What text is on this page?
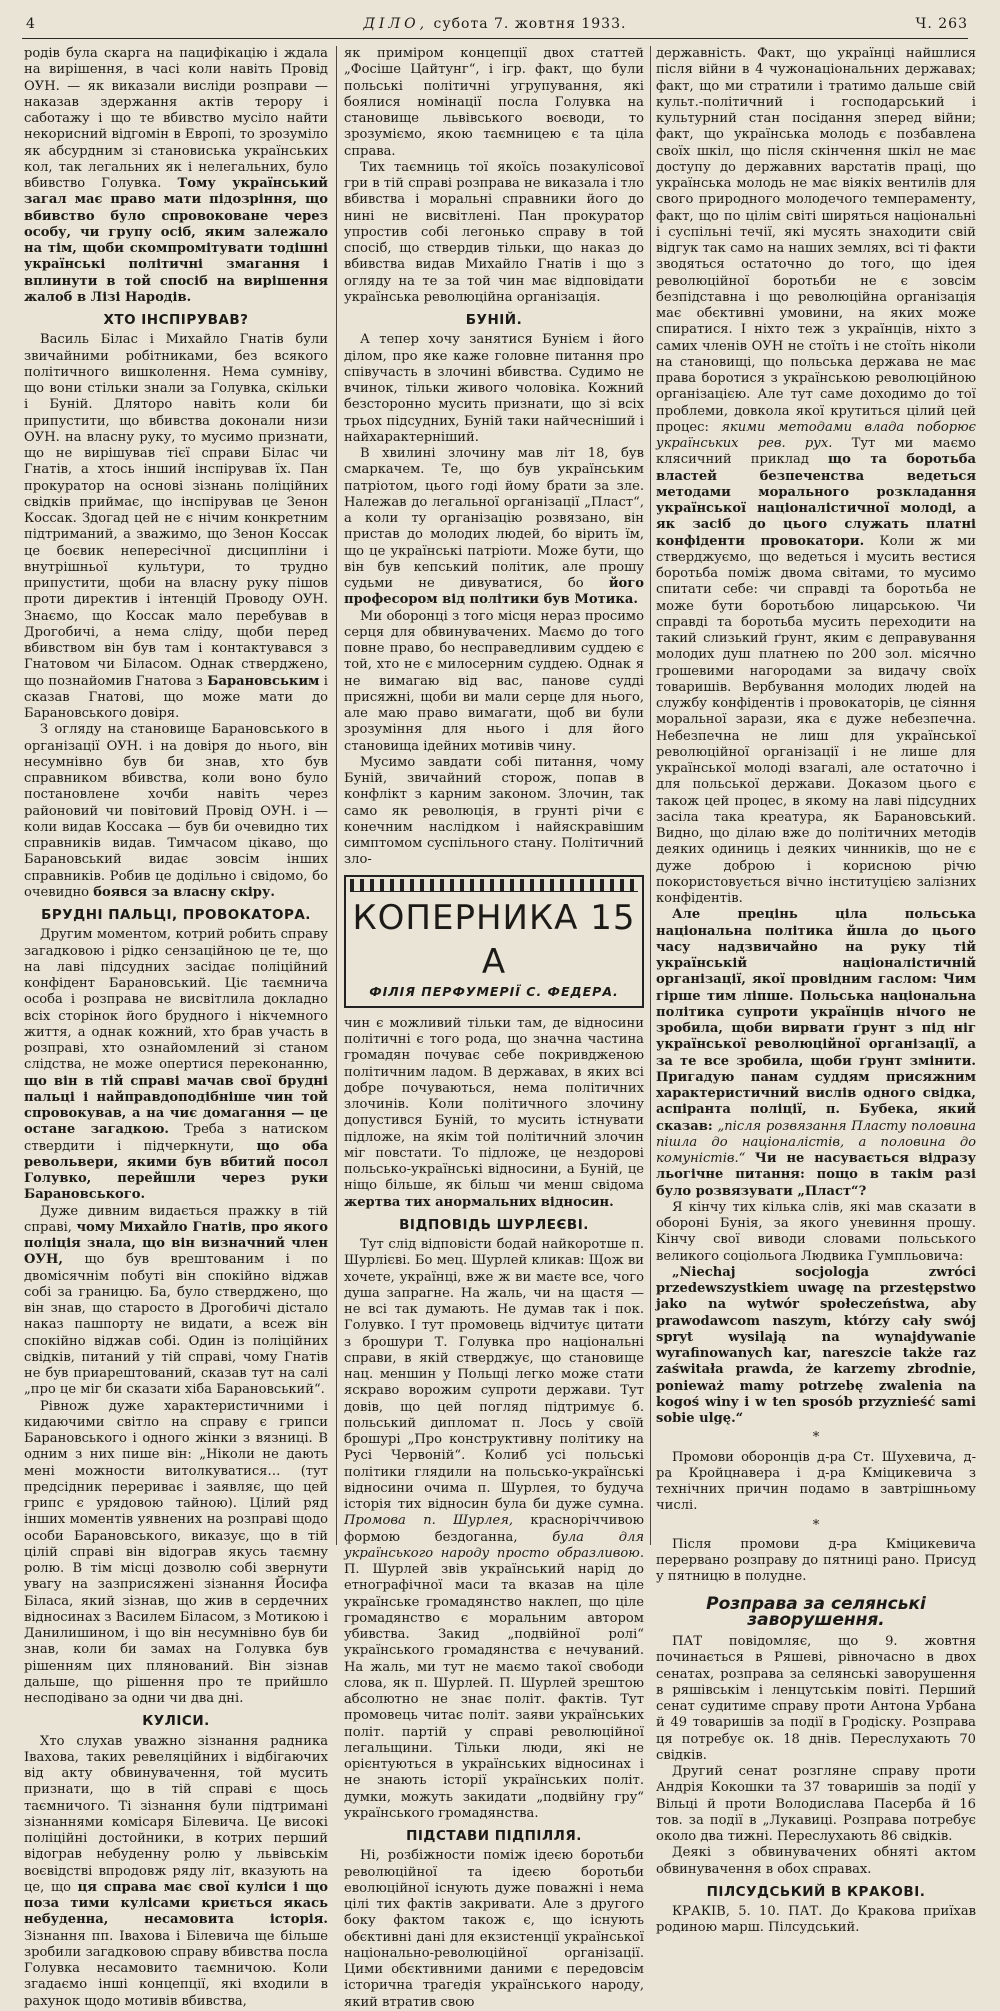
4	ДІЛО, субота 7. жовтня 1933.	Ч. 263

родів була скарга на пацифікацію і ждала на вирішення, в часі коли навіть Провід ОУН. — як виказали висліди розправи — наказав здержання актів терору і саботажу і що те вбивство мусіло найти некорисний відгомін в Европі, то зрозуміло як абсурдним зі становиська українських кол, так легальних як і нелегальних, було вбивство Голувка. Тому український загал має право мати підозріння, що вбивство було спровоковане через особу, чи групу осіб, яким залежало на тім, щоби скомпромітувати тодішні українські політичні змагання і вплинути в той спосіб на вирішення жалоб в Лізі Народів.

ХТО ІНСПІРУВАВ?

Василь Білас і Михайло Гнатів були звичайними робітниками, без всякого політичного вишколення. Нема сумніву, що вони стільки знали за Голувка, скільки і Буній. Дляторо навіть коли би припустити, що вбивства доконали низи ОУН. на власну руку, то мусимо признати, що не вирішував тієї справи Білас чи Гнатів, а хтось інший інспірував їх. Пан прокуратор на основі зізнань поліційних свідків приймає, що інспірував це Зенон Коссак. Здогад цей не є нічим конкретним підтриманий, а зважимо, що Зенон Коссак це боєвик непересічної дисципліни і внутрішньої культури, то трудно припустити, щоби на власну руку пішов проти директив і інтенцій Проводу ОУН. Знаємо, що Коссак мало перебував в Дрогобичі, а нема сліду, щоби перед вбивством він був там і контактувався з Гнатовом чи Біласом. Однак стверджено, що познайомив Гнатова з Барановським і сказав Гнатові, що може мати до Барановського довіря.

З огляду на становище Барановського в організації ОУН. і на довіря до нього, він несумнівно був би знав, хто був справником вбивства, коли воно було постановлене хочби навіть через районовий чи повітовий Провід ОУН. і — коли видав Коссака — був би очевидно тих справників видав. Тимчасом цікаво, що Барановський видає зовсім інших справників. Робив це додільно і свідомо, бо очевидно боявся за власну скіру.

БРУДНІ ПАЛЬЦІ, ПРОВОКАТОРА.

Другим моментом, котрий робить справу загадковою і рідко сензаційною це те, що на лаві підсудних засідає поліційний конфідент Барановський. Ціє таємнича особа і розправа не висвітлила докладно всіх сторінок його брудного і нікчемного життя, а однак кожний, хто брав участь в розправі, хто ознайомлений зі станом слідства, не може опертися переконанню, що він в тій справі мачав свої брудні пальці і найправдоподібніше чин той спровокував, а на чиє домагання — це остане загадкою. Треба з натиском ствердити і підчеркнути, що оба револьвери, якими був вбитий посол Голувко, перейшли через руки Барановського.

Дуже дивним видається пражку в тій справі, чому Михайло Гнатів, про якого поліція знала, що він визначний член ОУН, що був врештованим і по двомісячнім побуті він спокійно віджав собі за границю. Ба, було стверджено, що він знав, що старосто в Дрогобичі дістало наказ пашпорту не видати, а всеж він спокійно віджав собі. Один із поліційних свідків, питаний у тій справі, чому Гнатів не був приарештований, сказав тут на салі „про це міг би сказати хіба Барановський“.

Рівнож дуже характеристичними і кидаючими світло на справу є грипси Барановського і одного жінки з вязниці. В одним з них пише він: „Ніколи не дають мені можности витолкуватися… (тут предсідник перериває і заявляє, що цей грипс є урядовою тайною). Цілий ряд інших моментів уявнених на розправі щодо особи Барановського, виказує, що в тій цілій справі він відограв якусь таємну ролю. В тім місці дозволю собі звернути увагу на зазприсяжені зізнання Йосифа Біласа, який зізнав, що жив в сердечних відносинах з Василем Біласом, з Мотикою і Данилишином, і що він несумнівно був би знав, коли би замах на Голувка був рішенням цих плянований. Він зізнав дальше, що рішення про те прийшло несподівано за одни чи два дні.

КУЛІСИ.

Хто слухав уважно зізнання радника Івахова, таких ревеляційних і відбігаючих від акту обвинувачення, той мусить признати, що в тій справі є щось таємничого. Ті зізнання були підтримані зізнаннями комісаря Білевича. Це високі поліційні достойники, в котрих перший відограв небуденну ролю у львівськім воєвідстві впродовж ряду літ, вказують на це, що ця справа має свої куліси і що поза тими кулісами криється якась небуденна, несамовита історія. Зізнання пп. Івахова і Білевича ще більше зробили загадковою справу вбивства посла Голувка несамовито таємничою. Коли згадаємо інші концепції, які входили в рахунок щодо мотивів вбивства,

як приміром концепції двох статтей „Фосіше Цайтунг“, і ігр. факт, що були польські політичні угрупування, які боялися номінації посла Голувка на становище львівського воєводи, то зрозуміємо, якою таємницею є та ціла справа.

Тих таємниць тої якоїсь позакулісової гри в тій справі розправа не виказала і тло вбивства і моральні справники його до нині не висвітлені. Пан прокуратор упростив собі легонько справу в той спосіб, що ствердив тільки, що наказ до вбивства видав Михайло Гнатів і що з огляду на те за той чин має відповідати українська революційна організація.

БУНІЙ.

А тепер хочу занятися Бунієм і його ділом, про яке каже головне питання про співучасть в злочині вбивства. Судимо не вчинок, тільки живого чоловіка. Кожний безсторонно мусить признати, що зі всіх трьох підсудних, Буній таки найчесніший і найхарактерніший.

В хвилині злочину мав літ 18, був смаркачем. Те, що був українським патріотом, цього годі йому брати за зле. Належав до легальної організації „Пласт“, а коли ту організацію розвязано, він пристав до молодих людей, бо вірить їм, що це українські патріоти. Може бути, що він був кепський політик, але прошу судьми не дивуватися, бо його професором від політики був Мотика.

Ми оборонці з того місця нераз просимо серця для обвинувачених. Маємо до того повне право, бо несправедливим суддею є той, хто не є милосерним суддею. Однак я не вимагаю від вас, панове судді присяжні, щоби ви мали серце для нього, але маю право вимагати, щоб ви були зрозуміння для нього і для його становища ідейних мотивів чину.

Мусимо завдати собі питання, чому Буній, звичайний сторож, попав в конфлікт з карним законом. Злочин, так само як революція, в грунті річи є конечним наслідком і найяскравішим симптомом суспільного стану. Політичний зло-

КОПЕРНИКА 15 А
ФІЛІЯ ПЕРФУМЕРІЇ С. ФЕДЕРА.

чин є можливий тільки там, де відносини політичні є того рода, що значна частина громадян почуває себе покривдженою політичним ладом. В державах, в яких всі добре почуваються, нема політичних злочинів. Коли політичного злочину допустився Буній, то мусить істнувати підложе, на якім той політичний злочин міг повстати. То підложе, це нездорові польсько-українські відносини, а Буній, це ніщо більше, як більш чи менш свідома жертва тих анормальних відносин.

ВІДПОВІДЬ ШУРЛЕЄВІ.

Тут слід відповісти бодай найкоротше п. Шурлієві. Бо мец. Шурлей кликав: Щож ви хочете, українці, вже ж ви маєте все, чого душа запрагне. На жаль, чи на щастя — не всі так думають. Не думав так і пок. Голувко. І тут промовець відчитує цитати з брошури Т. Голувка про національні справи, в якій стверджує, що становище нац. меншин у Польщі легко може стати яскраво ворожим супроти держави. Тут довів, що цей погляд підтримує б. польський дипломат п. Лось у своїй брошурі „Про конструктивну політику на Русі Червоній“. Колиб усі польські політики глядили на польсько-українські відносини очима п. Шурлея, то будуча історія тих відносин була би дуже сумна. Промова п. Шурлея, красноріччивою формою бездоганна,	була для українського народу просто образливою. П. Шурлей звів український нарід до етнографічної маси та вказав на ціле українське громадянство наклеп, що ціле громадянство є моральним автором убивства. Закид „подвійної ролі“ українського громадянства є нечуваний. На жаль, ми тут не маємо такої свободи слова, як п. Шурлей. П. Шурлей зрештою абсолютно не знає політ. фактів. Тут промовець читає політ. заяви українських політ. партій у справі революційної легальщини. Тільки люди, які не орієнтуються в українських відносинах і не знають історії українських політ. думки, можуть закидати „подвійну гру“ українського громадянства.

ПІДСТАВИ ПІДПІЛЛЯ.

Ні, розбіжности поміж ідеєю боротьби революційної та ідеєю боротьби еволюційної існують дуже поважні і нема цілі тих фактів закривати. Але з другого боку фактом також є, що існують обєктивні дані для екзистенції української національно-революційної організації. Цими обєктивними даними є передовсім історична трагедія українського народу, який втратив свою

державність. Факт, що українці найшлися після війни в 4 чужонаціональних державах; факт, що ми стратили і тратимо дальше свій культ.-політичний і господарський і культурний стан посідання зперед війни; факт, що українська молодь є позбавлена своїх шкіл, що після скінчення шкіл не має доступу до державних варстатів праці, що українська молодь не має віякіх вентилів для свого природного молодечого темпераменту, факт, що по цілім світі ширяться національні і суспільні течії, які мусять знаходити свій відгук так само на наших землях, всі ті факти зводяться остаточно до того, що ідея революційної боротьби не є зовсім безпідставна і що революційна організація має обєктивні умовини, на яких може спиратися. І ніхто теж з українців, ніхто з самих членів ОУН не стоїть і не стоїть ніколи на становищі, що польська держава не має права боротися з українською революційною організацією. Але тут саме доходимо до тої проблеми, довкола якої крутиться цілий цей процес: якими методами влада поборює українських рев. рух. Тут ми маємо клясичний приклад що та боротьба властей безпеченства ведеться методами морального розкладання української націоналістичної молоді, а як засіб до цього служать платні конфіденти провокатори. Коли ж ми стверджуємо, що ведеться і мусить вестися боротьба поміж двома світами, то мусимо спитати себе: чи справді та боротьба не може бути боротьбою лицарською. Чи справді та боротьба мусить переходити на такий слизький ґрунт, яким є деправування молодих душ платнею по 200 зол. місячно грошевими нагородами за видачу своїх товаришів. Вербування молодих людей на службу конфідентів і провокаторів, це сіяння моральної зарази, яка є дуже небезпечна. Небезпечна не лиш для української революційної організації і не лише для української молоді взагалі, але остаточно і для польської держави. Доказом цього є також цей процес, в якому на лаві підсудних засіла така креатура, як Барановський. Видно, що ділаю вже до політичних методів деяких одиниць і деяких чинників, що не є дуже доброю і корисною річю покористовується вічно інституцією залізних конфідентів.

Але прецінь ціла польська національна політика йшла до цього часу надзвичайно на руку тій українській націоналістичній організації, якої провідним гаслом: Чим гірше тим ліпше. Польська національна політика супроти українців нічого не зробила, щоби вирвати ґрунт з під ніг української революційної організації, а за те все зробила, щоби ґрунт змінити. Пригадую панам суддям присяжним характеристичний вислів одного свідка, аспіранта поліції, п. Бубека, який сказав: „після розвязання Пласту половина пішла до націоналістів, а половина до комуністів.“ Чи не насувається відразу льогічне питання: пощо в такім разі було розвязувати „Пласт“?

Я кінчу тих кілька слів, які мав сказати в обороні Бунія, за якого уневиння прошу. Кінчу свої виводи словами польського великого соціольога Людвика Гумпльовича:

„Niechaj socjologja zwróci przedewszystkiem uwagę na przestępstwo jako na wytwór społeczeństwa, aby prawodawcom naszym, którzy cały swój spryt wysilają na wynajdywanie wyrafinowanych kar, nareszcie także raz zaświtała prawda, że karzemy zbrodnie, ponieważ mamy potrzebę zwalenia na kogoś winy i w ten sposób przyznieść sami sobie ulgę.“

*

Промови оборонців д-ра Ст. Шухевича, д-ра Кройцнавера і д-ра Кміцикевича з технічних причин подамо в завтрішньому числі.

*

Після промови д-ра Кміцикевича перервано розправу до пятниці рано. Присуд у пятницю в полудне.

Розправа за селянські заворушення.

ПАТ повідомляє, що 9. жовтня починається в Ряшеві, рівночасно в двох сенатах, розправа за селянські заворушення в ряшівськім і ленцутськім повіті. Перший сенат судитиме справу проти Антона Урбана й 49 товаришів за події в Гродіску. Розправа ця потребує ок. 18 днів. Переслухають 70 свідків.

Другий сенат розгляне справу проти Андрія Кокошки та 37 товаришів за події у Вільці й проти Володислава Пасерба й 16 тов. за події в „Лукавиці. Розправа потребує около два тижні. Переслухають 86 свідків.

Деякі з обвинувачених обняті актом обвинувачення в обох справах.

ПІЛСУДСЬКИЙ В КРАКОВІ.

КРАКІВ, 5. 10. ПАТ. До Кракова приїхав родиною марш. Пілсудський.
